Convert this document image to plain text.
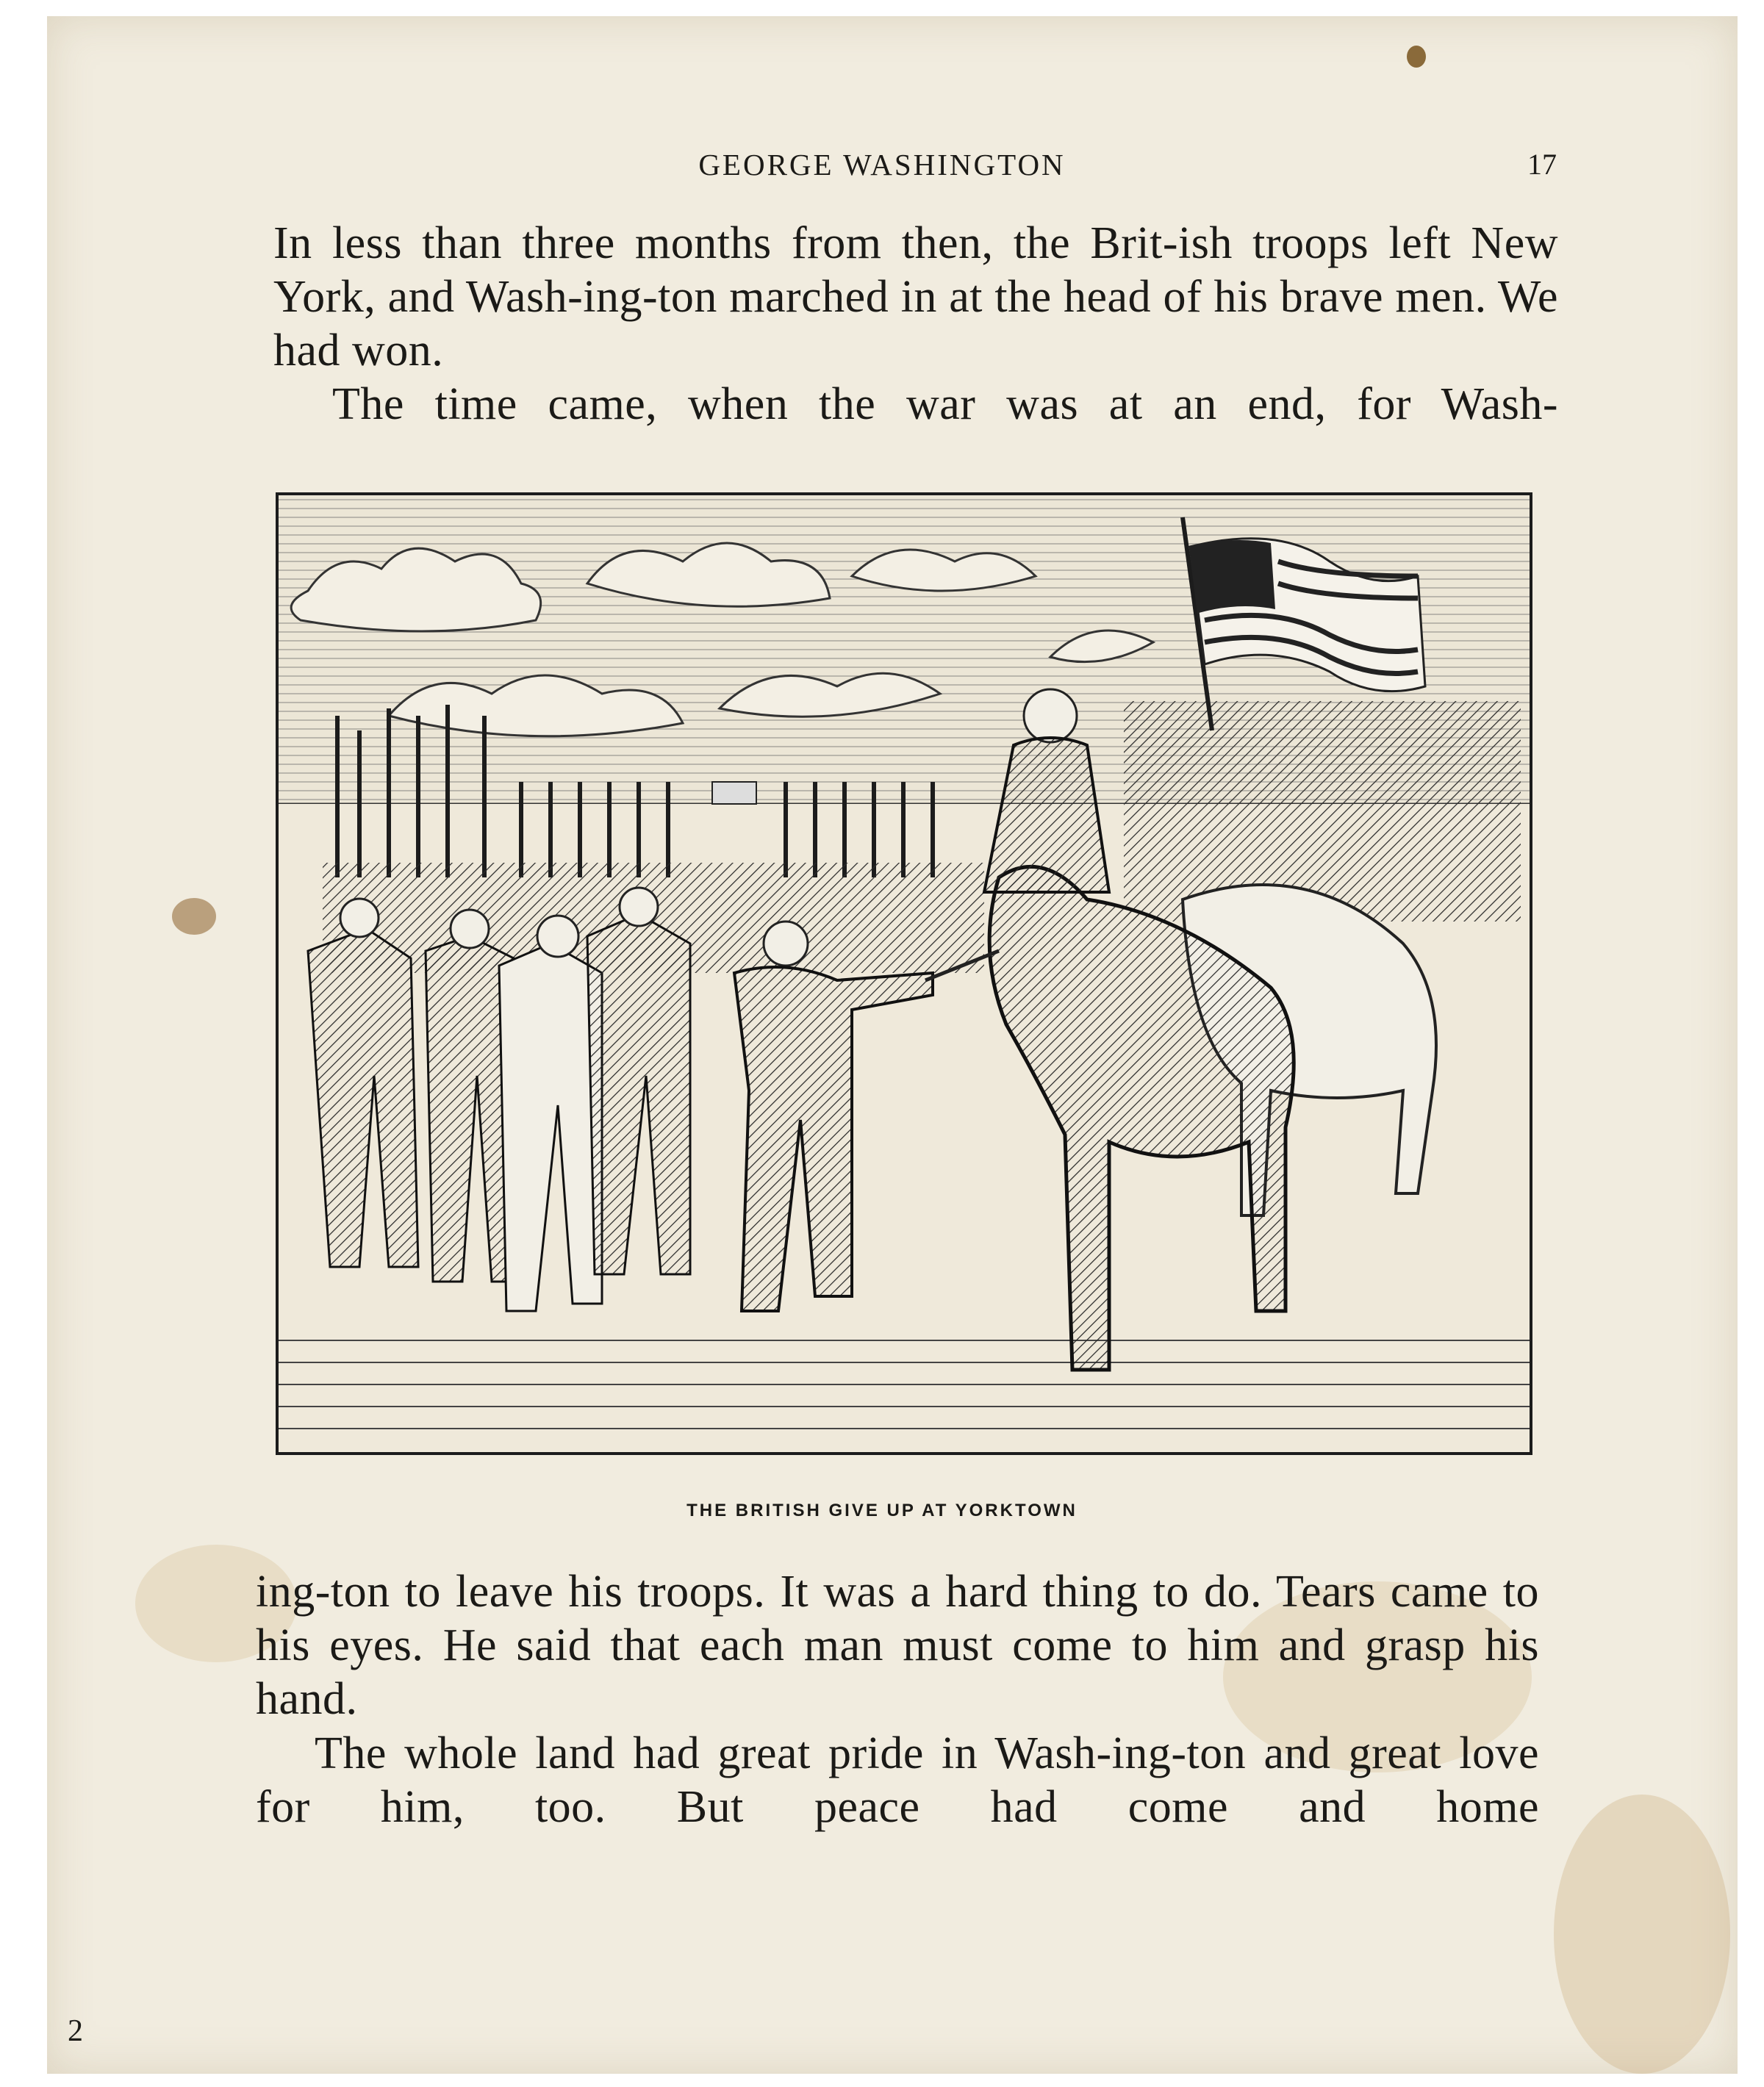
GEORGE WASHINGTON	17

In less than three months from then, the Brit-ish troops left New York, and Wash-ing-ton marched in at the head of his brave men. We had won.

The time came, when the war was at an end, for Wash-

THE BRITISH GIVE UP AT YORKTOWN

ing-ton to leave his troops. It was a hard thing to do. Tears came to his eyes. He said that each man must come to him and grasp his hand.

The whole land had great pride in Wash-ing-ton and great love for him, too. But peace had come and home

2
